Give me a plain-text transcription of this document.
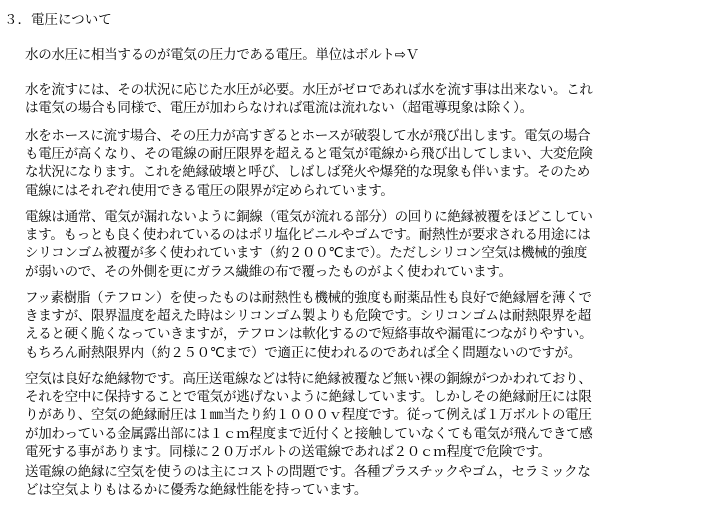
３．電圧について

水の水圧に相当するのが電気の圧力である電圧。単位はボルト⇨Ｖ

水を流すには、その状況に応じた水圧が必要。水圧がゼロであれば水を流す事は出来ない。これ
は電気の場合も同様で、電圧が加わらなければ電流は流れない（超電導現象は除く）。

水をホースに流す場合、その圧力が高すぎるとホースが破裂して水が飛び出します。電気の場合
も電圧が高くなり、その電線の耐圧限界を超えると電気が電線から飛び出してしまい、大変危険
な状況になります。これを絶縁破壊と呼び、しばしば発火や爆発的な現象も伴います。そのため
電線にはそれぞれ使用できる電圧の限界が定められています。

電線は通常、電気が漏れないように銅線（電気が流れる部分）の回りに絶縁被覆をほどこしてい
ます。もっとも良く使われているのはポリ塩化ビニルやゴムです。耐熱性が要求される用途には
シリコンゴム被覆が多く使われています（約２００℃まで）。ただしシリコン空気は機械的強度
が弱いので、その外側を更にガラス繊維の布で覆ったものがよく使われています。

フッ素樹脂（テフロン）を使ったものは耐熱性も機械的強度も耐薬品性も良好で絶縁層を薄くで
きますが、限界温度を超えた時はシリコンゴム製よりも危険です。シリコンゴムは耐熱限界を超
えると硬く脆くなっていきますが，テフロンは軟化するので短絡事故や漏電につながりやすい。
もちろん耐熱限界内（約２５０℃まで）で適正に使われるのであれば全く問題ないのですが。

空気は良好な絶縁物です。高圧送電線などは特に絶縁被覆など無い裸の銅線がつかわれており、
それを空中に保持することで電気が逃げないように絶縁しています。しかしその絶縁耐圧には限
りがあり、空気の絶縁耐圧は１㎜当たり約１０００ｖ程度です。従って例えば１万ボルトの電圧
が加わっている金属露出部には１ｃｍ程度まで近付くと接触していなくても電気が飛んできて感
電死する事があります。同様に２０万ボルトの送電線であれば２０ｃｍ程度で危険です。

送電線の絶縁に空気を使うのは主にコストの問題です。各種プラスチックやゴム，セラミックな
どは空気よりもはるかに優秀な絶縁性能を持っています。
